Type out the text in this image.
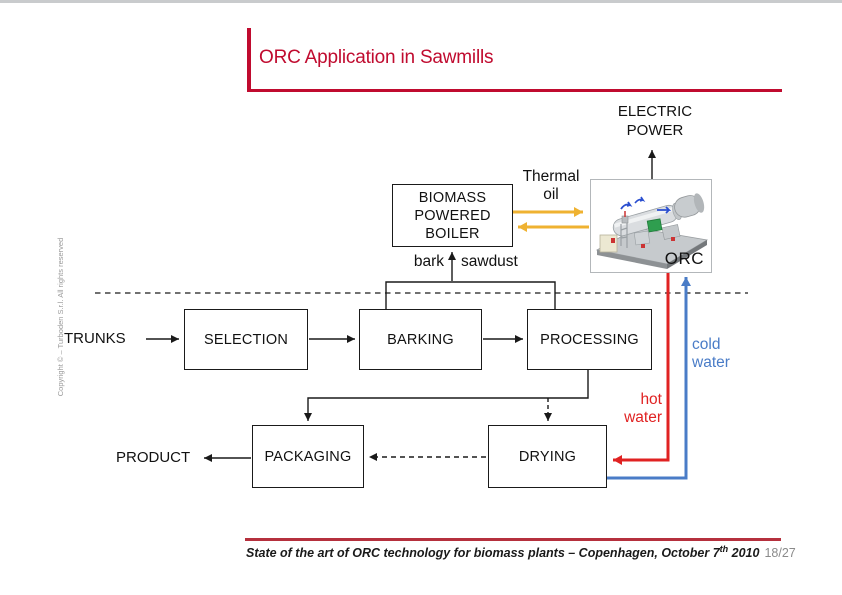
ORC Application in Sawmills
ELECTRIC
POWER
Thermal
oil
BIOMASS
POWERED
BOILER
ORC
bark sawdust
TRUNKS	SELECTION	BARKING	PROCESSING	cold
water
hot
water
PRODUCT	PACKAGING	DRYING
Copyright © – Turboden S.r.l. All rights reserved
State of the art of ORC technology for biomass plants – Copenhagen, October 7th 2010 18/27
